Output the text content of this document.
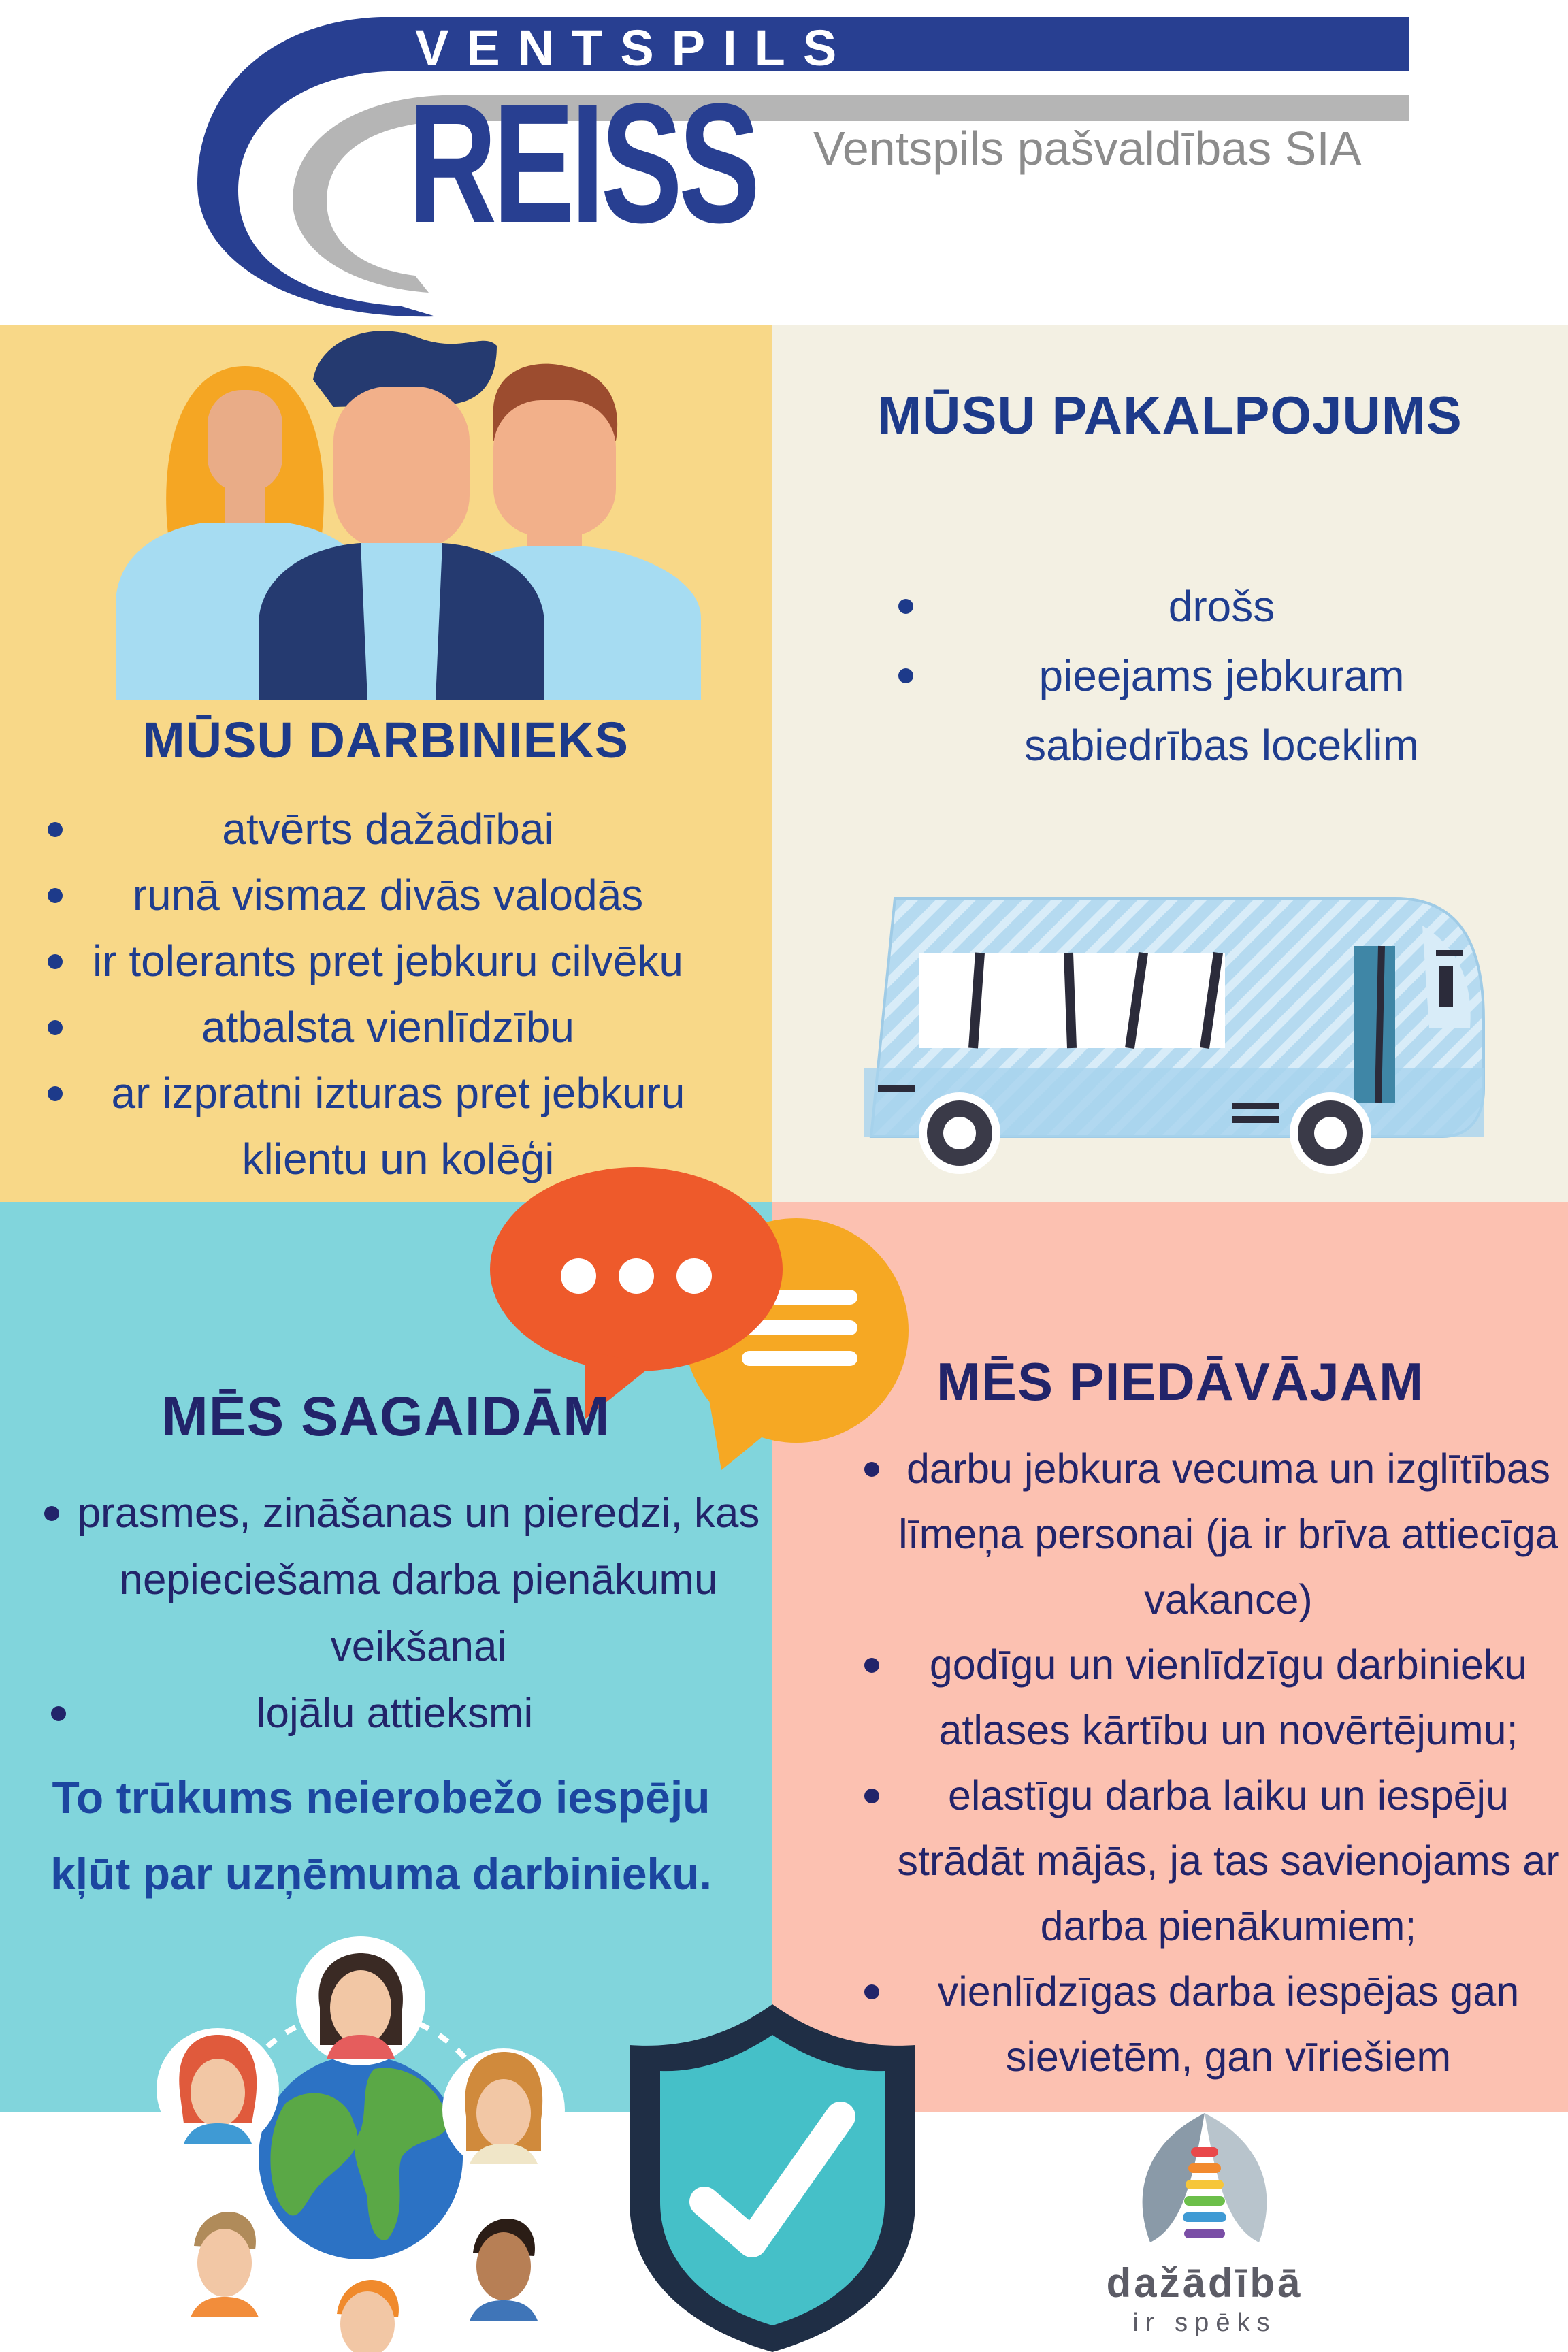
VENTSPILS
REISS Ventspils pašvaldības SIA
MŪSU DARBINIEKS
atvērts dažādībai
runā vismaz divās valodās
ir tolerants pret jebkuru cilvēku
atbalsta vienlīdzību
ar izpratni izturas pret jebkuru klientu un kolēģi
MŪSU PAKALPOJUMS
drošs
pieejams jebkuram sabiedrības loceklim
MĒS SAGAIDĀM
prasmes, zināšanas un pieredzi, kas nepieciešama darba pienākumu veikšanai
lojālu attieksmi
To trūkums neierobežo iespēju kļūt par uzņēmuma darbinieku.
MĒS PIEDĀVĀJAM
darbu jebkura vecuma un izglītības līmeņa personai (ja ir brīva attiecīga vakance)
godīgu un vienlīdzīgu darbinieku atlases kārtību un novērtējumu;
elastīgu darba laiku un iespēju strādāt mājās, ja tas savienojams ar darba pienākumiem;
vienlīdzīgas darba iespējas gan sievietēm, gan vīriešiem
dažādībā
ir spēks
